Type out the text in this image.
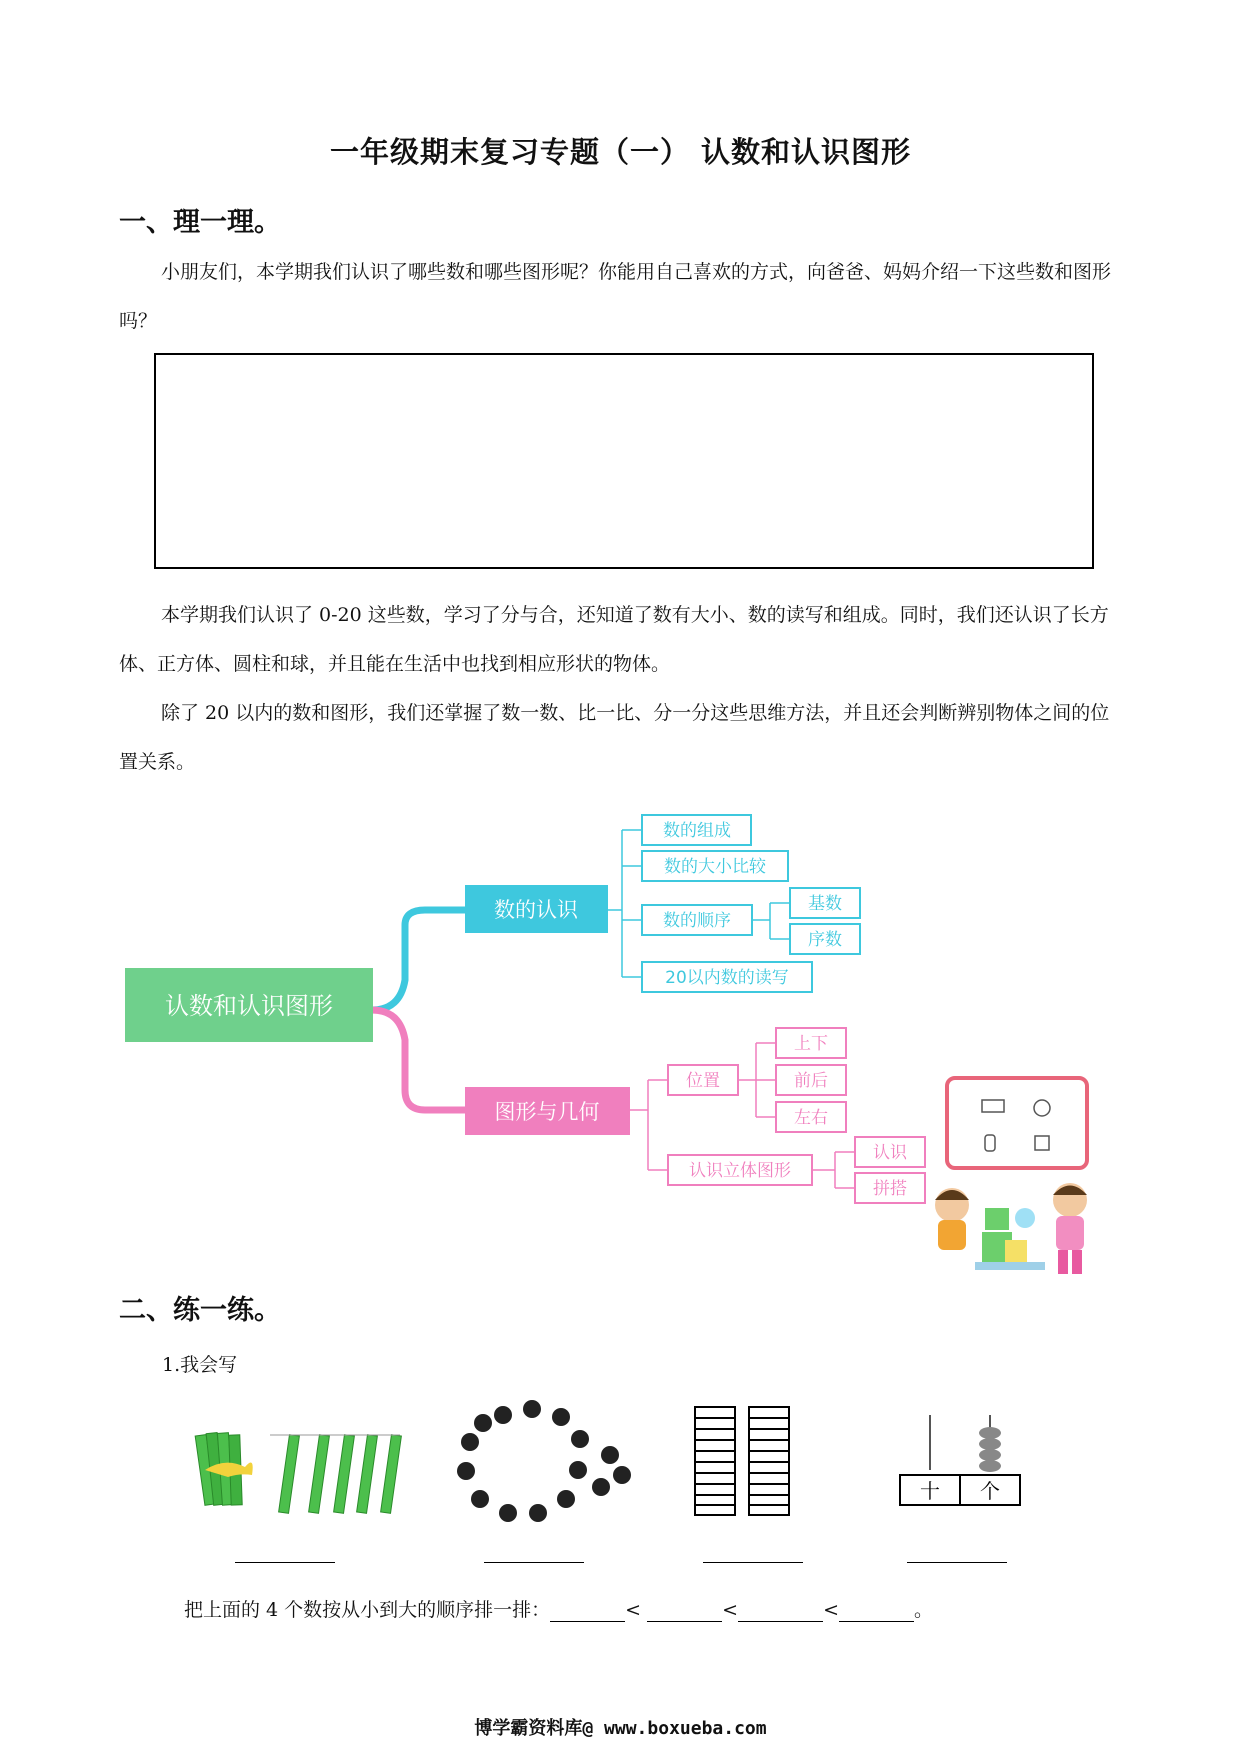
一年级期末复习专题（一） 认数和认识图形
一、理一理。

小朋友们，本学期我们认识了哪些数和哪些图形呢？你能用自己喜欢的方式，向爸爸、妈妈介绍一下这些数和图形吗？

本学期我们认识了 0-20 这些数，学习了分与合，还知道了数有大小、数的读写和组成。同时，我们还认识了长方体、正方体、圆柱和球，并且能在生活中也找到相应形状的物体。

除了 20 以内的数和图形，我们还掌握了数一数、比一比、分一分这些思维方法，并且还会判断辨别物体之间的位置关系。

认数和认识图形
数的认识
图形与几何
数的组成
数的大小比较
数的顺序
20以内数的读写
基数
序数
位置
上下
前后
左右
认识立体图形
认识
拼搭
二、练一练。
1.我会写
十 个
把上面的 4 个数按从小到大的顺序排一排：	<	<	<	。
博学霸资料库@ www.boxueba.com
